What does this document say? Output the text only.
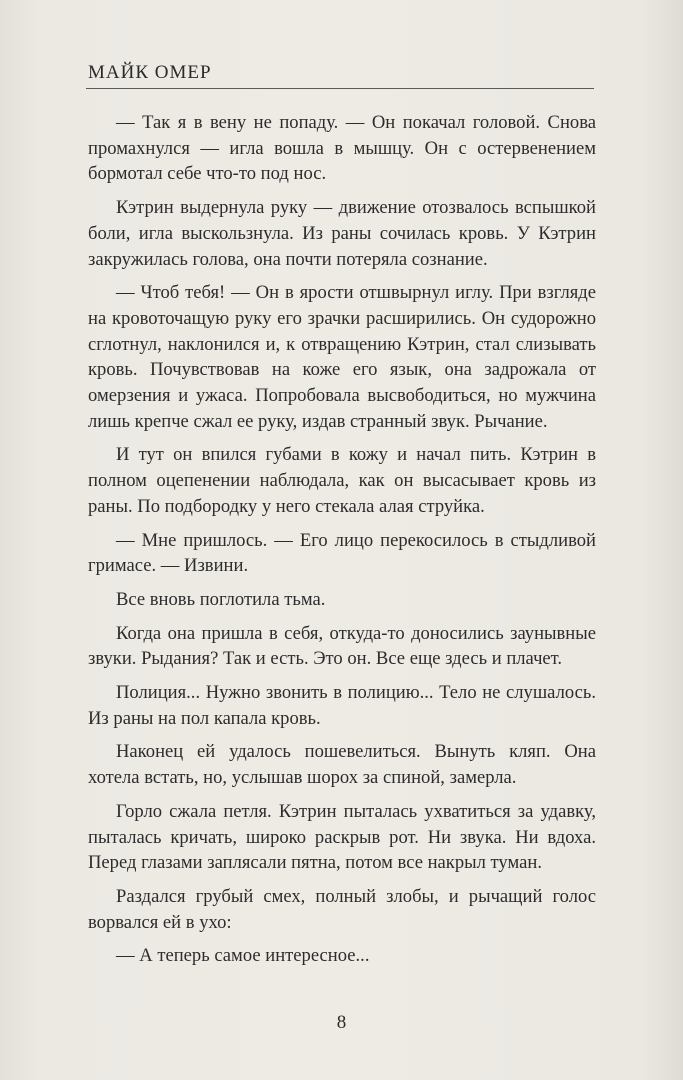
МАЙК ОМЕР

— Так я в вену не попаду. — Он покачал головой. Снова промахнулся — игла вошла в мышцу. Он с остервенением бормотал себе что-то под нос.

Кэтрин выдернула руку — движение отозвалось вспышкой боли, игла выскользнула. Из раны сочилась кровь. У Кэтрин закружилась голова, она почти потеряла сознание.

— Чтоб тебя! — Он в ярости отшвырнул иглу. При взгляде на кровоточащую руку его зрачки расширились. Он судорожно сглотнул, наклонился и, к отвращению Кэтрин, стал слизывать кровь. Почувствовав на коже его язык, она задрожала от омерзения и ужаса. Попробовала высвободиться, но мужчина лишь крепче сжал ее руку, издав странный звук. Рычание.

И тут он впился губами в кожу и начал пить. Кэтрин в полном оцепенении наблюдала, как он высасывает кровь из раны. По подбородку у него стекала алая струйка.

— Мне пришлось. — Его лицо перекосилось в стыдливой гримасе. — Извини.

Все вновь поглотила тьма.

Когда она пришла в себя, откуда-то доносились заунывные звуки. Рыдания? Так и есть. Это он. Все еще здесь и плачет.

Полиция... Нужно звонить в полицию... Тело не слушалось. Из раны на пол капала кровь.

Наконец ей удалось пошевелиться. Вынуть кляп. Она хотела встать, но, услышав шорох за спиной, замерла.

Горло сжала петля. Кэтрин пыталась ухватиться за удавку, пыталась кричать, широко раскрыв рот. Ни звука. Ни вдоха. Перед глазами заплясали пятна, потом все накрыл туман.

Раздался грубый смех, полный злобы, и рычащий голос ворвался ей в ухо:

— А теперь самое интересное...

8
